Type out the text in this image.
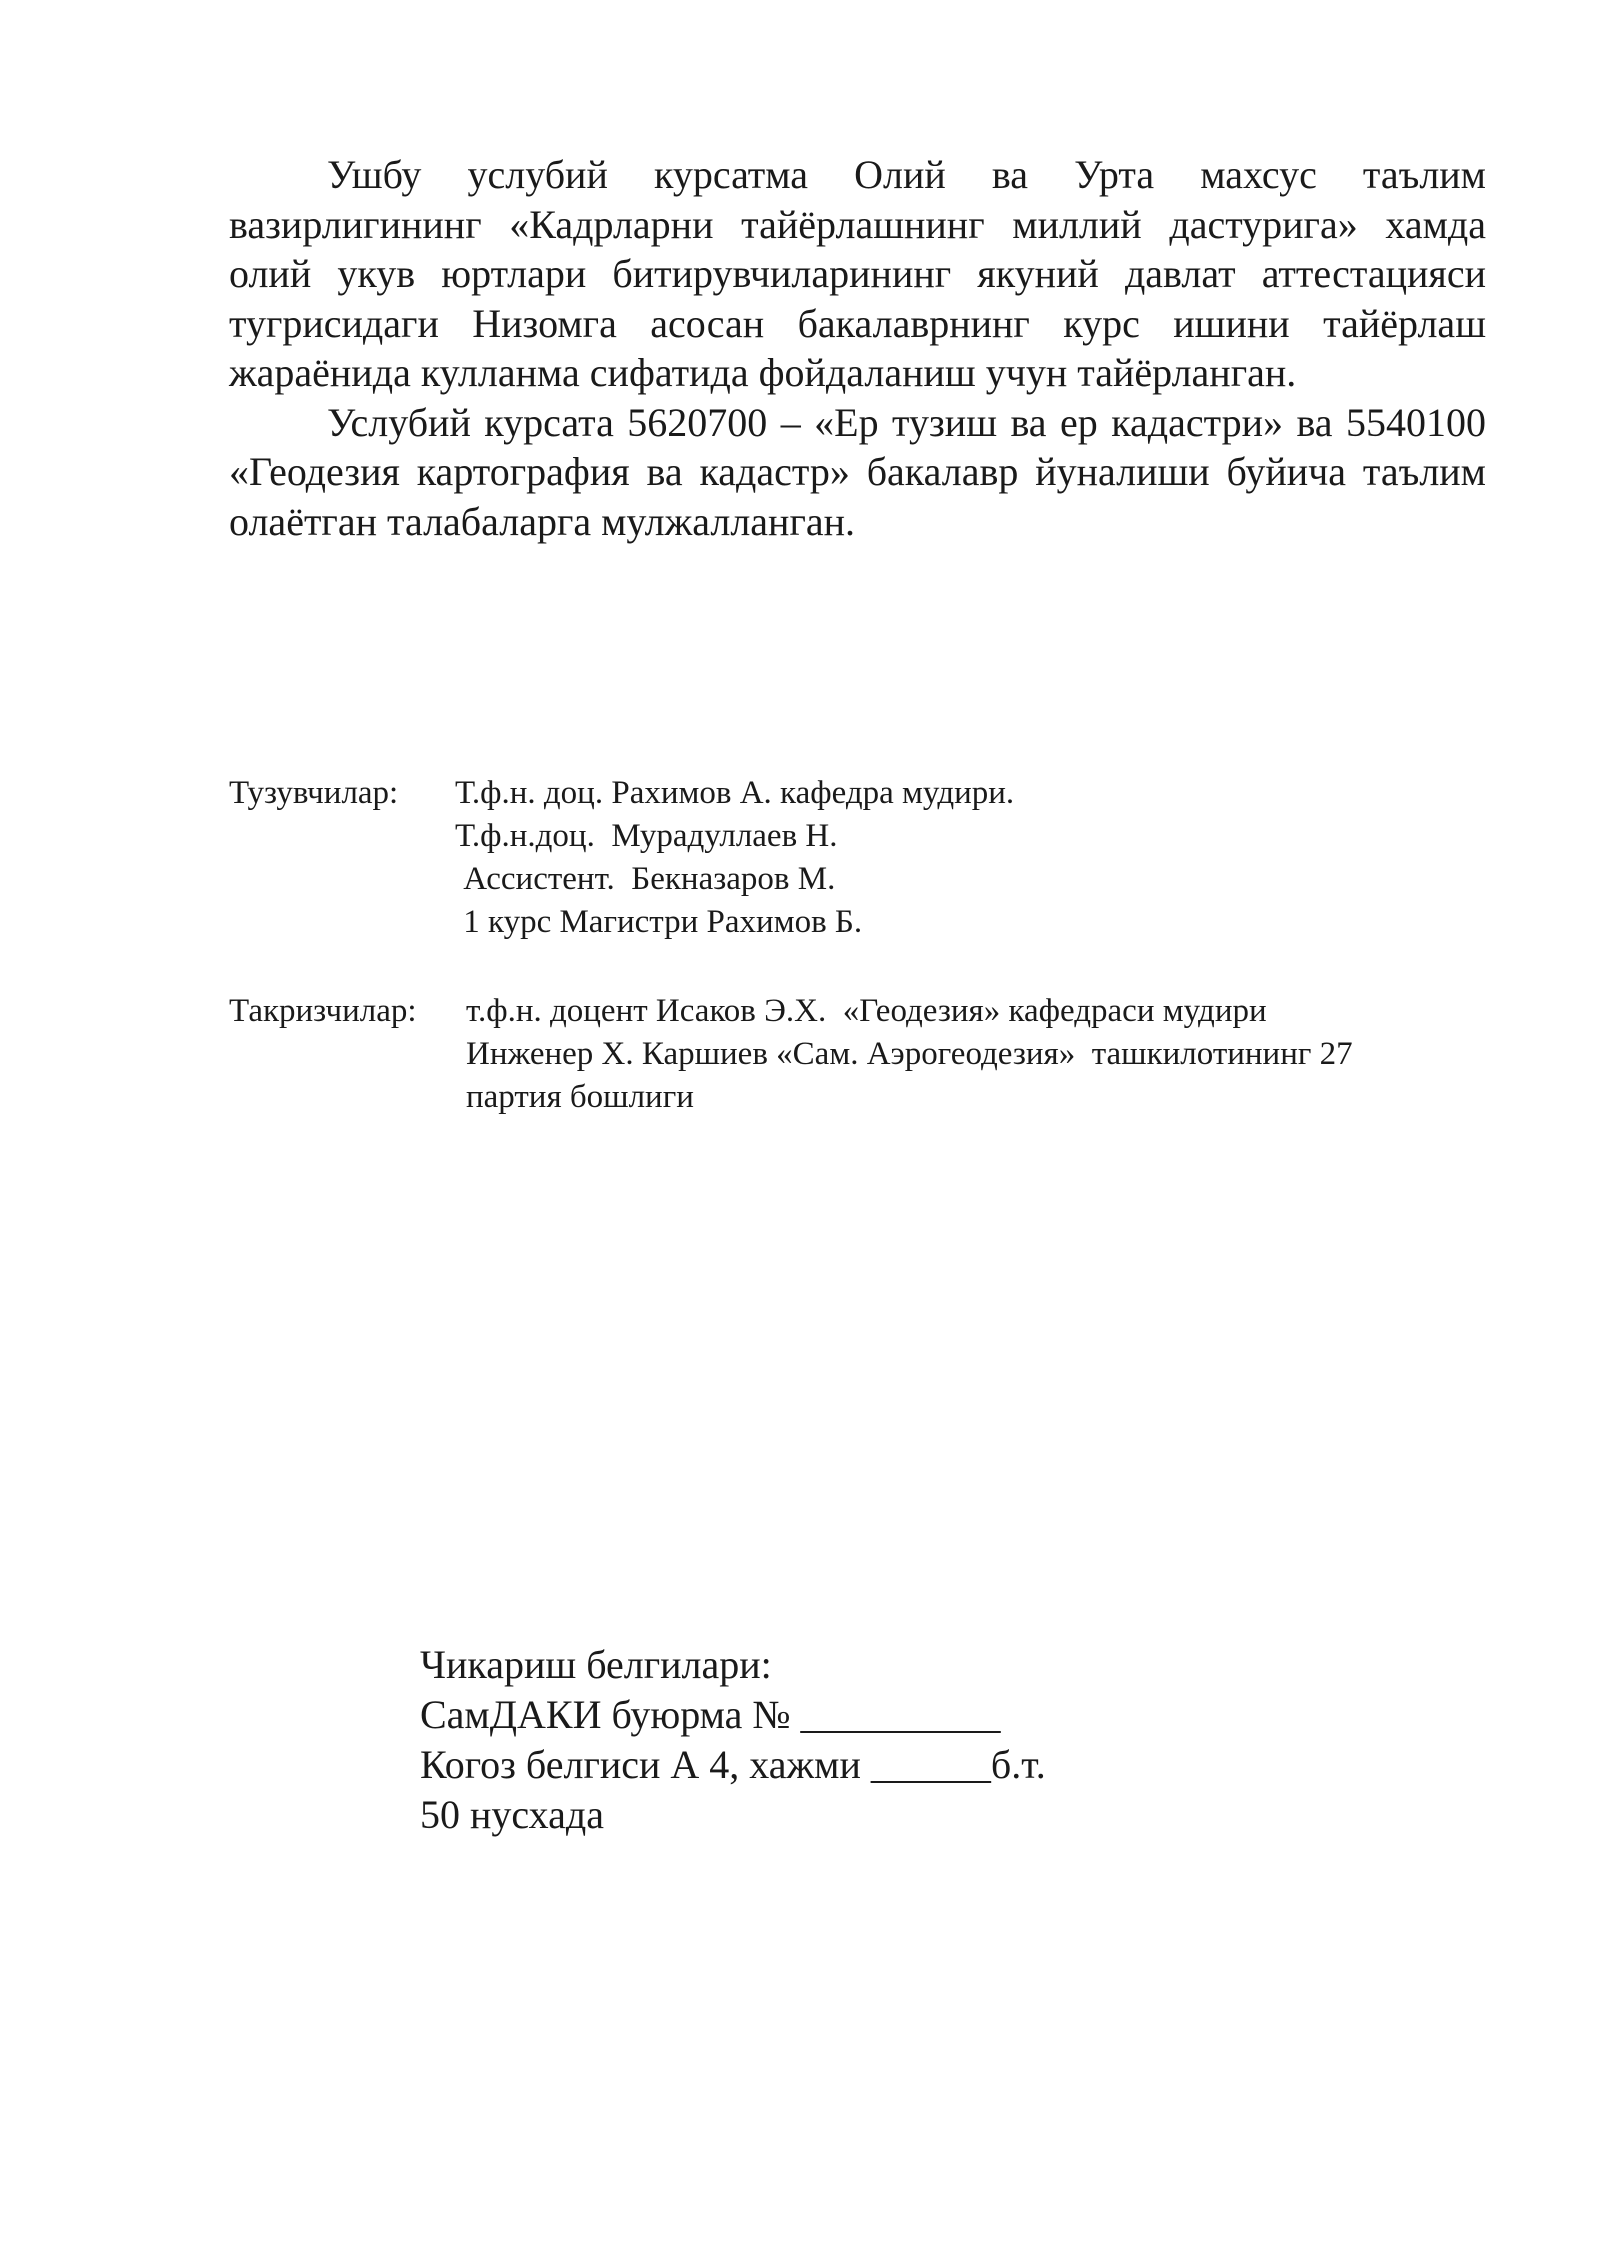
Ушбу услубий курсатма Олий ва Урта махсус таълим вазирлигининг «Кадрларни тайёрлашнинг миллий дастурига» хамда олий укув юртлари битирувчиларининг якуний давлат аттестацияси тугрисидаги Низомга асосан бакалаврнинг курс ишини тайёрлаш жараёнида кулланма сифатида фойдаланиш учун тайёрланган.

Услубий курсата 5620700 – «Ер тузиш ва ер кадастри» ва 5540100 «Геодезия картография ва кадастр» бакалавр йуналиши буйича таълим олаётган талабаларга мулжалланган.

Тузувчилар: Т.ф.н. доц. Рахимов А. кафедра мудири.
Т.ф.н.доц.  Мурадуллаев Н.
Ассистент.  Бекназаров М.
1 курс Магистри Рахимов Б.
Такризчилар: т.ф.н. доцент Исаков Э.Х.  «Геодезия» кафедраси мудири
Инженер Х. Каршиев «Сам. Аэрогеодезия»  ташкилотининг 27
партия бошлиги
Чикариш белгилари:
СамДАКИ буюрма № __________
Когоз белгиси А 4, хажми ______б.т.
50 нусхада
